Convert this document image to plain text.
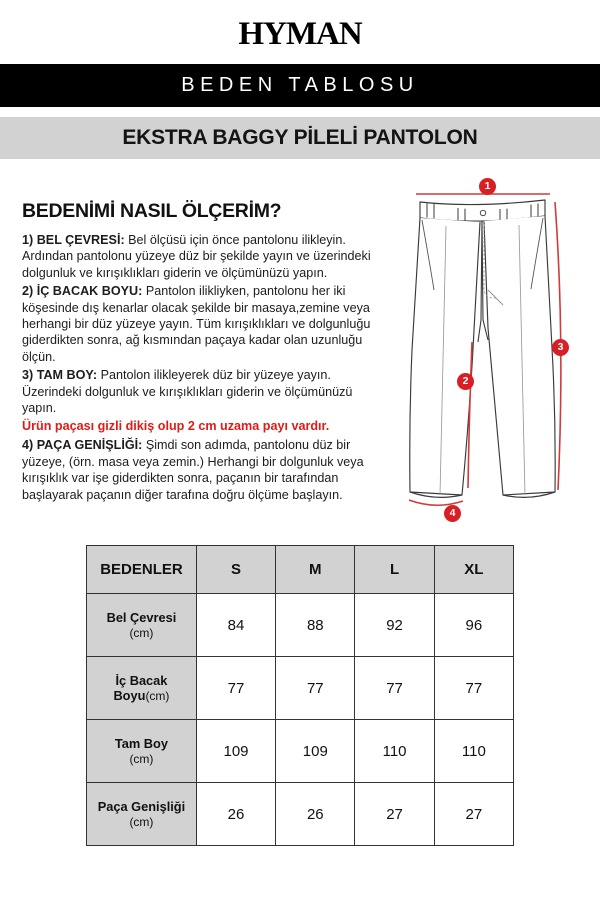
HYMAN
BEDEN TABLOSU
EKSTRA BAGGY PİLELİ PANTOLON
BEDENİMİ NASIL ÖLÇERİM?

1) BEL ÇEVRESİ: Bel ölçüsü için önce pantolonu ilikleyin. Ardından pantolonu yüzeye düz bir şekilde yayın ve üzerindeki dolgunluk ve kırışıklıkları giderin ve ölçümünüzü yapın.

2) İÇ BACAK BOYU: Pantolon ilikliyken, pantolonu her iki köşesinde dış kenarlar olacak şekilde bir masaya,zemine veya herhangi bir düz yüzeye yayın. Tüm kırışıklıkları ve dolgunluğu giderdikten sonra, ağ kısmından paçaya kadar olan uzunluğu ölçün.

3) TAM BOY: Pantolon ilikleyerek düz bir yüzeye yayın. Üzerindeki dolgunluk ve kırışıklıkları giderin ve ölçümünüzü yapın.

Ürün paçası gizli dikiş olup 2 cm uzama payı vardır.

4) PAÇA GENİŞLİĞİ: Şimdi son adımda, pantolonu düz bir yüzeye, (örn. masa veya zemin.) Herhangi bir dolgunluk veya kırışıklık var işe giderdikten sonra, paçanın bir tarafından başlayarak paçanın diğer tarafına doğru ölçüme başlayın.

1
2
3
4
BEDENLER	S	M	L	XL
Bel Çevresi
(cm)	84	88	92	96
İç Bacak
Boyu(cm)	77	77	77	77
Tam Boy
(cm)	109	109	110	110
Paça Genişliği
(cm)	26	26	27	27
